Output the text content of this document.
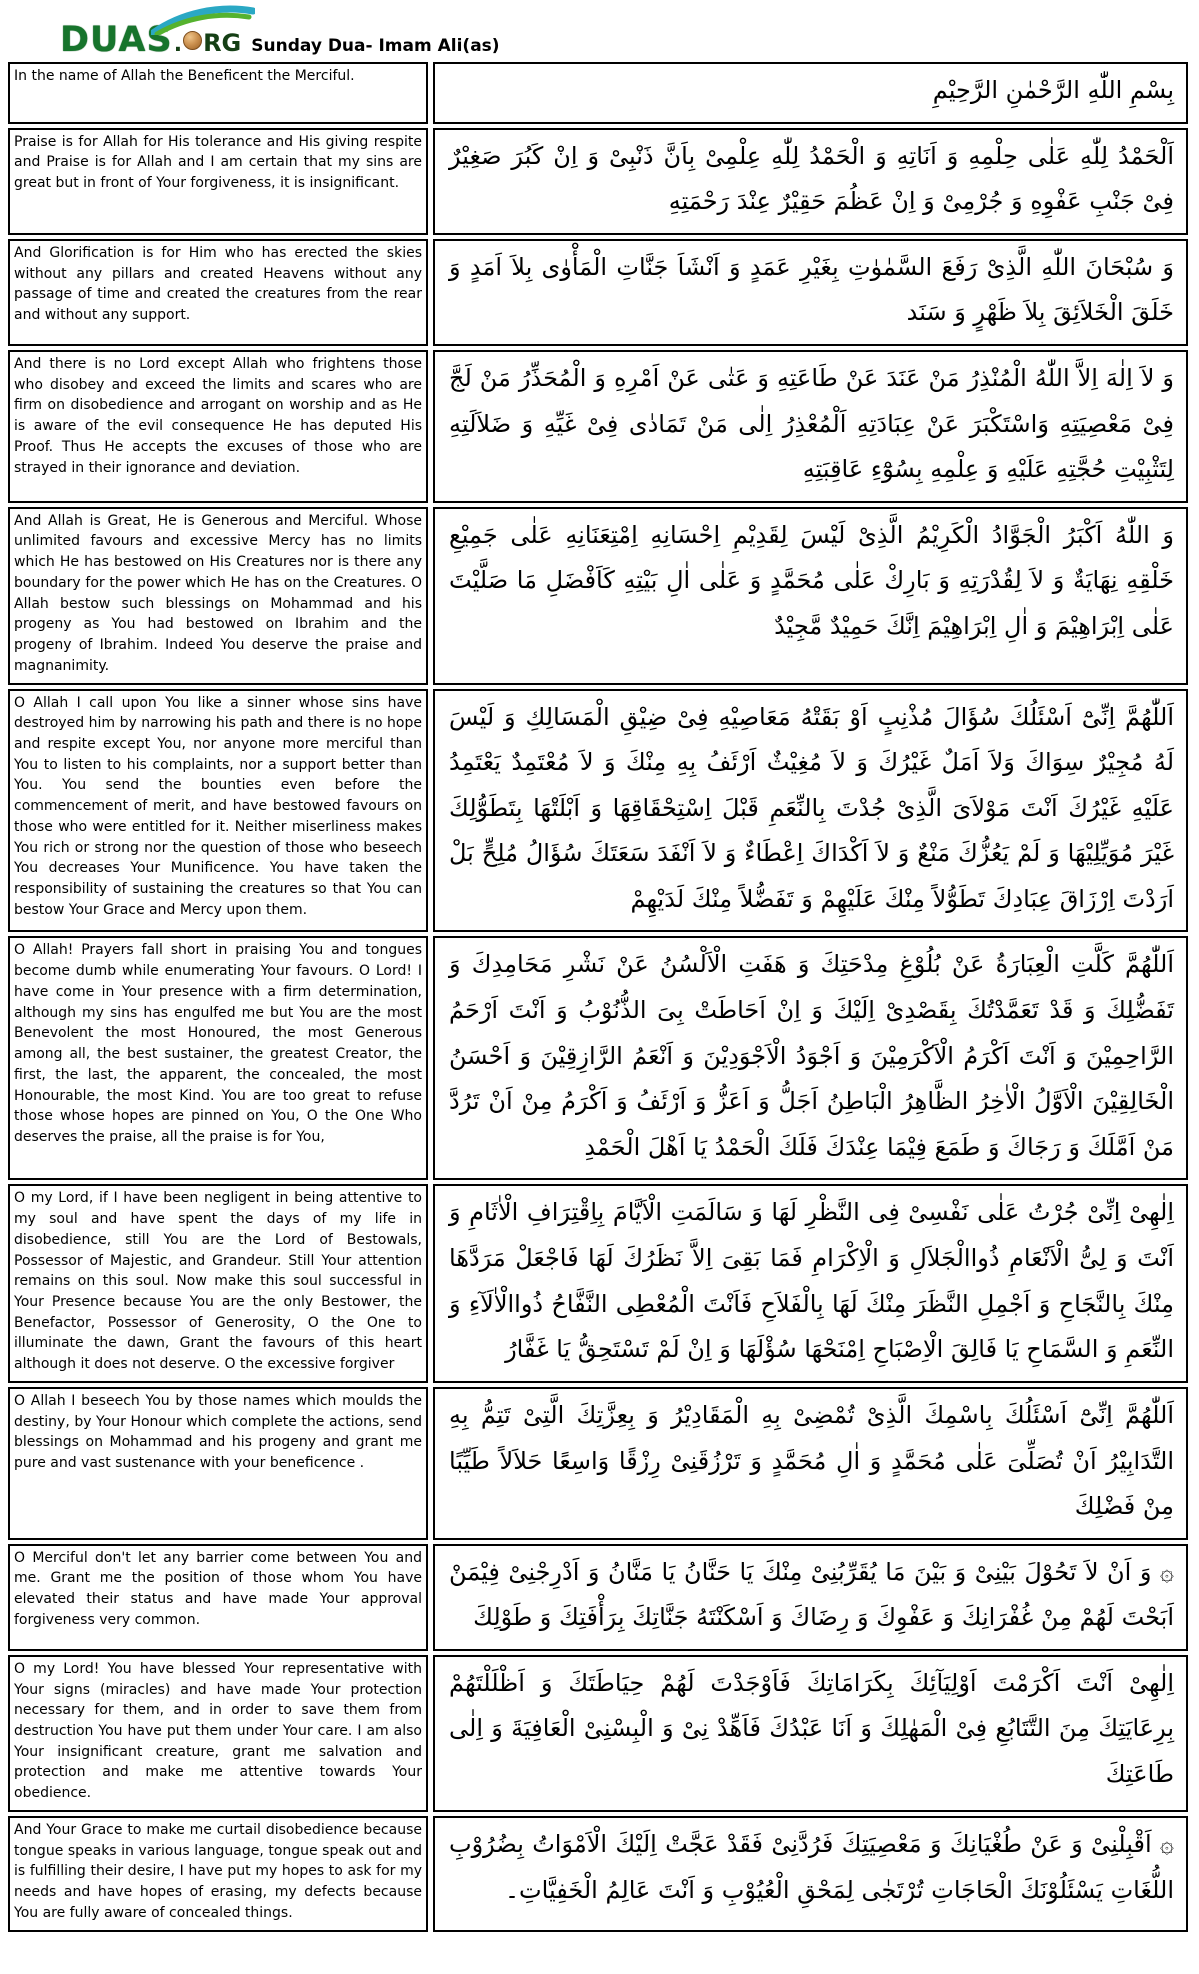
DUAS . RG Sunday Dua- Imam Ali(as)
In the name of Allah the Beneficent the Merciful.	بِسْمِ اللّٰهِ الرَّحْمٰنِ الرَّحِيْمِ
Praise is for Allah for His tolerance and His giving respite and Praise is for Allah and I am certain that my sins are great but in front of Your forgiveness, it is insignificant.	اَلْحَمْدُ لِلّٰهِ عَلٰى حِلْمِهِ وَ اَنَاتِهِ وَ الْحَمْدُ لِلّٰهِ عِلْمِىْ بِاَنَّ ذَنْبِىْ وَ اِنْ كَبُرَ صَغِيْرٌ فِىْ جَنْبِ عَفْوِهِ وَ جُرْمِىْ وَ اِنْ عَظُمَ حَقِيْرٌ عِنْدَ رَحْمَتِهِ
And Glorification is for Him who has erected the skies without any pillars and created Heavens without any passage of time and created the creatures from the rear and without any support.	وَ سُبْحَانَ اللّٰهِ الَّذِىْ رَفَعَ السَّمٰوٰتِ بِغَيْرِ عَمَدٍ وَ اَنْشَاَ جَنَّاتِ الْمَأْوٰى بِلاَ اَمَدٍ وَ خَلَقَ الْخَلاَئِقَ بِلاَ ظَهْرٍ وَ سَنَد
And there is no Lord except Allah who frightens those who disobey and exceed the limits and scares who are firm on disobedience and arrogant on worship and as He is aware of the evil consequence He has deputed His Proof. Thus He accepts the excuses of those who are strayed in their ignorance and deviation.	وَ لاَ اِلٰهَ اِلاَّ اللّٰهُ الْمُنْذِرُ مَنْ عَنَدَ عَنْ طَاعَتِهِ وَ عَتٰى عَنْ اَمْرِهِ وَ الْمُحَذِّرُ مَنْ لَجَّ فِىْ مَعْصِيَتِهِ وَاسْتَكْبَرَ عَنْ عِبَادَتِهِ اَلْمُعْذِرُ اِلٰى مَنْ تَمَادٰى فِىْ غَيِّهِ وَ ضَلاَلَتِهِ لِتَثْبِيْتِ حُجَّتِهِ عَلَيْهِ وَ عِلْمِهِ بِسُوْٓءِ عَاقِبَتِهِ
And Allah is Great, He is Generous and Merciful. Whose unlimited favours and excessive Mercy has no limits which He has bestowed on His Creatures nor is there any boundary for the power which He has on the Creatures. O Allah bestow such blessings on Mohammad and his progeny as You had bestowed on Ibrahim and the progeny of Ibrahim. Indeed You deserve the praise and magnanimity.	وَ اللّٰهُ اَكْبَرُ الْجَوَّادُ الْكَرِيْمُ الَّذِىْ لَيْسَ لِقَدِيْمِ اِحْسَانِهِ اِمْتِعَنَانِهِ عَلٰى جَمِيْعِ خَلْقِهِ نِهَايَةٌ وَ لاَ لِقُدْرَتِهِ وَ بَارِكْ عَلٰى مُحَمَّدٍ وَ عَلٰى اٰلِ بَيْتِهِ كَاَفْضَلِ مَا صَلَّيْتَ عَلٰى اِبْرَاهِيْمَ وَ اٰلِ اِبْرَاهِيْمَ اِنَّكَ حَمِيْدٌ مَّجِيْدٌ
O Allah I call upon You like a sinner whose sins have destroyed him by narrowing his path and there is no hope and respite except You, nor anyone more merciful than You to listen to his complaints, nor a support better than You. You send the bounties even before the commencement of merit, and have bestowed favours on those who were entitled for it. Neither miserliness makes You rich or strong nor the question of those who beseech You decreases Your Munificence. You have taken the responsibility of sustaining the creatures so that You can bestow Your Grace and Mercy upon them.	اَللّٰهُمَّ اِنِّىْٓ اَسْئَلُكَ سُؤَالَ مُذْنِبٍ اَوْ بَقَتْهُ مَعَاصِيْهِ فِىْ ضِيْقِ الْمَسَالِكِ وَ لَيْسَ لَهُ مُجِيْرٌ سِوَاكَ وَلاَ اَمَلٌ غَيْرُكَ وَ لاَ مُغِيْثٌ اَرْئَفُ بِهِ مِنْكَ وَ لاَ مُعْتَمِدٌ يَعْتَمِدُ عَلَيْهِ غَيْرُكَ اَنْتَ مَوْلاَىَ الَّذِىْ جُدْتَ بِالنِّعَمِ قَبْلَ اِسْتِحْقَاقِهَا وَ اَبْلَتْهَا بِتَطَوُّلِكَ غَيْرَ مُوَيِّلِيْهَا وَ لَمْ يَعُزُّكَ مَنْعٌ وَ لاَ اَكْدَاكَ اِعْطَاءٌ وَ لاَ اَنْفَدَ سَعَتَكَ سُؤَالُ مُلِحٍّ بَلْ اَرَدْتَ اِرْزَاقَ عِبَادِكَ تَطَوُّلاً مِنْكَ عَلَيْهِمْ وَ تَفَضُّلاً مِنْكَ لَدَيْهِمْ
O Allah! Prayers fall short in praising You and tongues become dumb while enumerating Your favours. O Lord! I have come in Your presence with a firm determination, although my sins has engulfed me but You are the most Benevolent the most Honoured, the most Generous among all, the best sustainer, the greatest Creator, the first, the last, the apparent, the concealed, the most Honourable, the most Kind. You are too great to refuse those whose hopes are pinned on You, O the One Who deserves the praise, all the praise is for You,	اَللّٰهُمَّ كَلَّتِ الْعِبَارَةُ عَنْ بُلُوْغِ مِدْحَتِكَ وَ هَفَتِ الْاَلْسُنُ عَنْ نَشْرِ مَحَامِدِكَ وَ تَفَضُّلِكَ وَ قَدْ تَعَمَّدْتُكَ بِقَصْدِىْ اِلَيْكَ وَ اِنْ اَحَاطَتْ بِىَ الذُّنُوْبُ وَ اَنْتَ اَرْحَمُ الرَّاحِمِيْنَ وَ اَنْتَ اَكْرَمُ الْاَكْرَمِيْنَ وَ اَجْوَدُ الْاَجْوَدِيْنَ وَ اَنْعَمُ الرَّازِقِيْنَ وَ اَحْسَنُ الْخَالِقِيْنَ الْاَوَّلُ الْاٰخِرُ الظَّاهِرُ الْبَاطِنُ اَجَلُّ وَ اَعَزُّ وَ اَرْئَفُ وَ اَكْرَمُ مِنْ اَنْ تَرُدَّ مَنْ اَمَّلَكَ وَ رَجَاكَ وَ طَمَعَ فِيْمَا عِنْدَكَ فَلَكَ الْحَمْدُ يَا اَهْلَ الْحَمْدِ
O my Lord, if I have been negligent in being attentive to my soul and have spent the days of my life in disobedience, still You are the Lord of Bestowals, Possessor of Majestic, and Grandeur. Still Your attention remains on this soul. Now make this soul successful in Your Presence because You are the only Bestower, the Benefactor, Possessor of Generosity, O the One to illuminate the dawn, Grant the favours of this heart although it does not deserve. O the excessive forgiver	اِلٰهِىْ اِنِّىْ جُرْتُ عَلٰى نَفْسِىْ فِى النَّظْرِ لَهَا وَ سَالَمَتِ الْاَيَّامَ بِاِقْتِرَافِ الْاٰثَامِ وَ اَنْتَ وَ لِىُّ الْاَنْعَامِ ذُواالْجَلاَلِ وَ الْاِكْرَامِ فَمَا بَقِىَ اِلاَّ نَظَرُكَ لَهَا فَاجْعَلْ مَرَدَّهَا مِنْكَ بِالنَّجَاحِ وَ اَجْمِلِ النَّظَرَ مِنْكَ لَهَا بِالْفَلاَحِ فَاَنْتَ الْمُعْطِى النَّفَّاحُ ذُواالْاٰلَآءِ وَ النِّعَمِ وَ السَّمَاحِ يَا فَالِقَ الْاِصْبَاحِ اِمْنَحْهَا سُؤْلَهَا وَ اِنْ لَمْ تَسْتَحِقُّ يَا غَفَّارُ
O Allah I beseech You by those names which moulds the destiny, by Your Honour which complete the actions, send blessings on Mohammad and his progeny and grant me pure and vast sustenance with your beneficence .	اَللّٰهُمَّ اِنِّىْٓ اَسْئَلُكَ بِاسْمِكَ الَّذِىْ تُمْضِىْ بِهِ الْمَقَادِيْرُ وَ بِعِزَّتِكَ الَّتِىْ تَتِمُّ بِهِ التَّدَابِيْرُ اَنْ تُصَلِّىَ عَلٰى مُحَمَّدٍ وَ اٰلِ مُحَمَّدٍ وَ تَرْزُقَنِىْ رِزْقًا وَاسِعًا حَلاَلاً طَيِّبًا مِنْ فَضْلِكَ
O Merciful don't let any barrier come between You and me. Grant me the position of those whom You have elevated their status and have made Your approval forgiveness very common.	۞ وَ اَنْ لاَ تَحُوْلَ بَيْنِىْ وَ بَيْنَ مَا يُقَرِّبُنِىْ مِنْكَ يَا حَنَّانُ يَا مَنَّانُ وَ اَدْرِجْنِىْ فِيْمَنْ اَبَحْتَ لَهُمْ مِنْ غُفْرَانِكَ وَ عَفْوِكَ وَ رِضَاكَ وَ اَسْكَنْتَهُ جَنَّاتِكَ بِرَأْفَتِكَ وَ طَوْلِكَ
O my Lord! You have blessed Your representative with Your signs (miracles) and have made Your protection necessary for them, and in order to save them from destruction You have put them under Your care. I am also Your insignificant creature, grant me salvation and protection and make me attentive towards Your obedience.	اِلٰهِىْ اَنْتَ اَكْرَمْتَ اَوْلِيَآئِكَ بِكَرَامَاتِكَ فَاَوْجَدْتَ لَهُمْ حِيَاطَتَكَ وَ اَظْلَلْتَهُمْ بِرِعَايَتِكَ مِنَ التَّتَابُعِ فِىْ الْمَهٰلِكَ وَ اَنَا عَبْدُكَ فَاَهِّدْ نِىْ وَ الْبِسْنِىْ الْعَافِيَةَ وَ اِلٰى طَاعَتِكَ
And Your Grace to make me curtail disobedience because tongue speaks in various language, tongue speak out and is fulfilling their desire, I have put my hopes to ask for my needs and have hopes of erasing, my defects because You are fully aware of concealed things.	۞ اَقْبِلْنِىْ وَ عَنْ طُغْيَانِكَ وَ مَعْصِيَتِكَ فَرُدَّنِىْ فَقَدْ عَجَّتْ اِلَيْكَ الْاَمْوَاتُ بِضُرُوْبِ اللُّغَاتِ يَسْئَلُوْنَكَ الْحَاجَاتِ تُرْتَجٰى لِمَحْقِ الْعُيُوْبِ وَ اَنْتَ عَالِمُ الْخَفِيَّاتِ۔
